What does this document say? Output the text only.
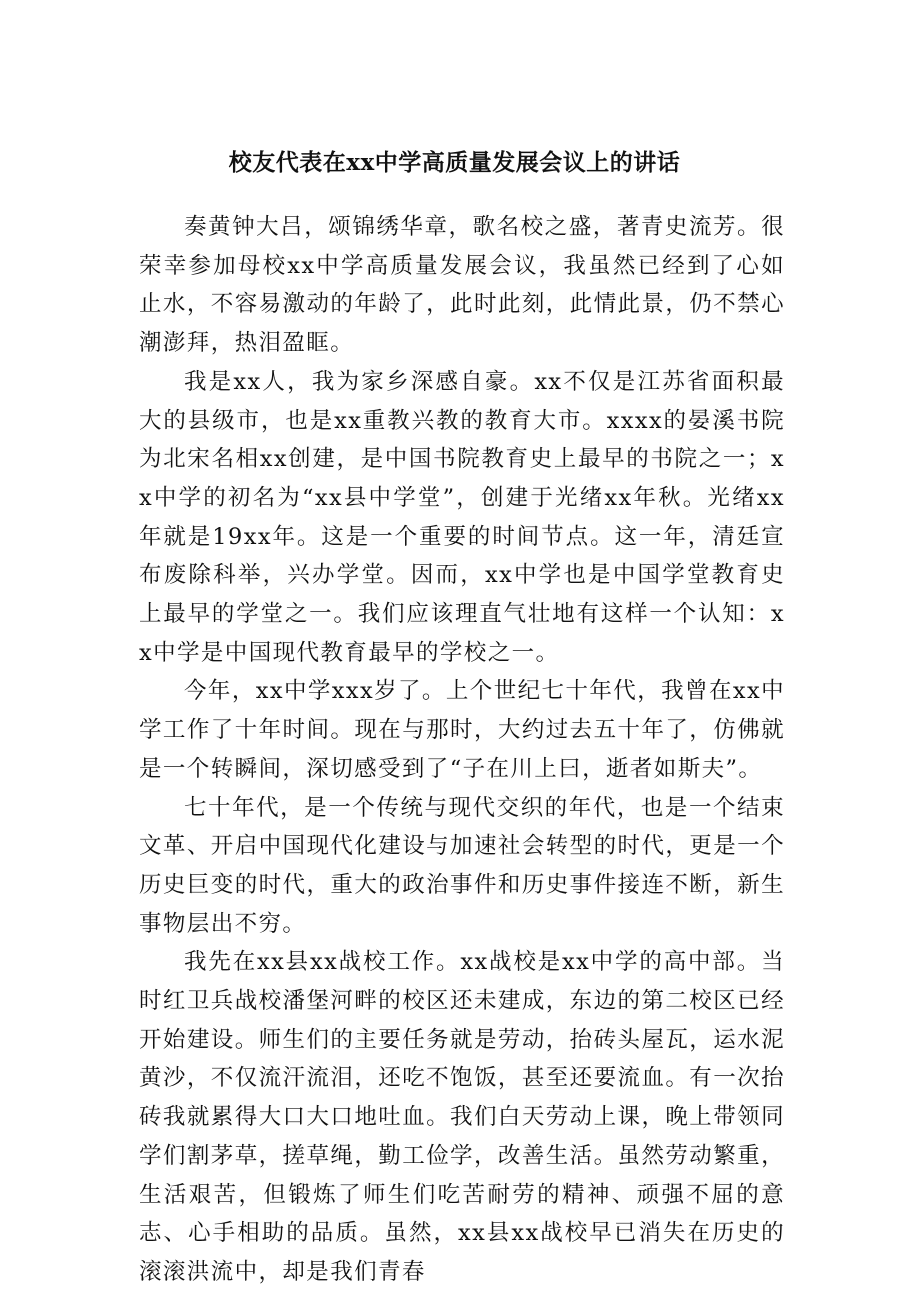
校友代表在xx中学高质量发展会议上的讲话

奏黄钟大吕，颂锦绣华章，歌名校之盛，著青史流芳。很荣幸参加母校xx中学高质量发展会议，我虽然已经到了心如止水，不容易激动的年龄了，此时此刻，此情此景，仍不禁心潮澎拜，热泪盈眶。

我是xx人，我为家乡深感自豪。xx不仅是江苏省面积最大的县级市，也是xx重教兴教的教育大市。xxxx的晏溪书院为北宋名相xx创建，是中国书院教育史上最早的书院之一；xx中学的初名为“xx县中学堂”，创建于光绪xx年秋。光绪xx年就是19xx年。这是一个重要的时间节点。这一年，清廷宣布废除科举，兴办学堂。因而，xx中学也是中国学堂教育史上最早的学堂之一。我们应该理直气壮地有这样一个认知：xx中学是中国现代教育最早的学校之一。

今年，xx中学xxx岁了。上个世纪七十年代，我曾在xx中学工作了十年时间。现在与那时，大约过去五十年了，仿佛就是一个转瞬间，深切感受到了“子在川上曰，逝者如斯夫”。

七十年代，是一个传统与现代交织的年代，也是一个结束文革、开启中国现代化建设与加速社会转型的时代，更是一个历史巨变的时代，重大的政治事件和历史事件接连不断，新生事物层出不穷。

我先在xx县xx战校工作。xx战校是xx中学的高中部。当时红卫兵战校潘堡河畔的校区还未建成，东边的第二校区已经开始建设。师生们的主要任务就是劳动，抬砖头屋瓦，运水泥黄沙，不仅流汗流泪，还吃不饱饭，甚至还要流血。有一次抬砖我就累得大口大口地吐血。我们白天劳动上课，晚上带领同学们割茅草，搓草绳，勤工俭学，改善生活。虽然劳动繁重，生活艰苦，但锻炼了师生们吃苦耐劳的精神、顽强不屈的意志、心手相助的品质。虽然，xx县xx战校早已消失在历史的滚滚洪流中，却是我们青春
